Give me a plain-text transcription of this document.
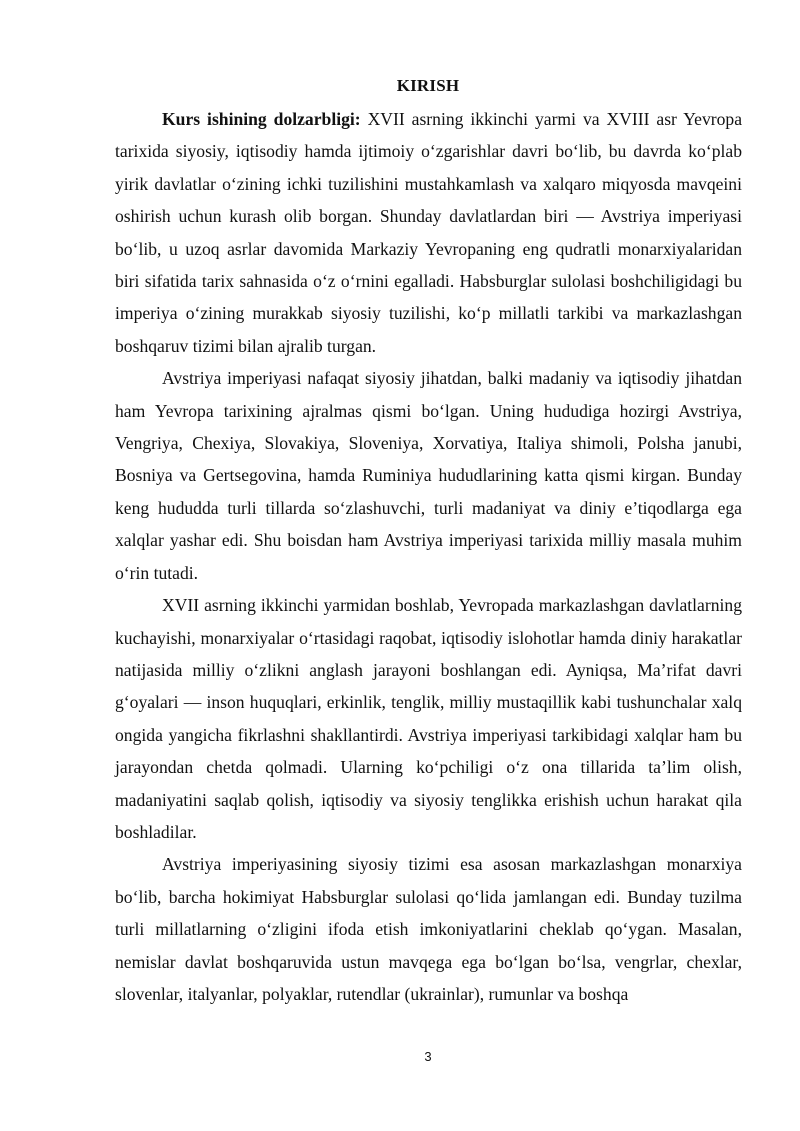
KIRISH

Kurs ishining dolzarbligi: XVII asrning ikkinchi yarmi va XVIII asr Yevropa tarixida siyosiy, iqtisodiy hamda ijtimoiy o‘zgarishlar davri bo‘lib, bu davrda ko‘plab yirik davlatlar o‘zining ichki tuzilishini mustahkamlash va xalqaro miqyosda mavqeini oshirish uchun kurash olib borgan. Shunday davlatlardan biri — Avstriya imperiyasi bo‘lib, u uzoq asrlar davomida Markaziy Yevropaning eng qudratli monarxiyalaridan biri sifatida tarix sahnasida o‘z o‘rnini egalladi. Habsburglar sulolasi boshchiligidagi bu imperiya o‘zining murakkab siyosiy tuzilishi, ko‘p millatli tarkibi va markazlashgan boshqaruv tizimi bilan ajralib turgan.

Avstriya imperiyasi nafaqat siyosiy jihatdan, balki madaniy va iqtisodiy jihatdan ham Yevropa tarixining ajralmas qismi bo‘lgan. Uning hududiga hozirgi Avstriya, Vengriya, Chexiya, Slovakiya, Sloveniya, Xorvatiya, Italiya shimoli, Polsha janubi, Bosniya va Gertsegovina, hamda Ruminiya hududlarining katta qismi kirgan. Bunday keng hududda turli tillarda so‘zlashuvchi, turli madaniyat va diniy e’tiqodlarga ega xalqlar yashar edi. Shu boisdan ham Avstriya imperiyasi tarixida milliy masala muhim o‘rin tutadi.

XVII asrning ikkinchi yarmidan boshlab, Yevropada markazlashgan davlatlarning kuchayishi, monarxiyalar o‘rtasidagi raqobat, iqtisodiy islohotlar hamda diniy harakatlar natijasida milliy o‘zlikni anglash jarayoni boshlangan edi. Ayniqsa, Ma’rifat davri g‘oyalari — inson huquqlari, erkinlik, tenglik, milliy mustaqillik kabi tushunchalar xalq ongida yangicha fikrlashni shakllantirdi. Avstriya imperiyasi tarkibidagi xalqlar ham bu jarayondan chetda qolmadi. Ularning ko‘pchiligi o‘z ona tillarida ta’lim olish, madaniyatini saqlab qolish, iqtisodiy va siyosiy tenglikka erishish uchun harakat qila boshladilar.

Avstriya imperiyasining siyosiy tizimi esa asosan markazlashgan monarxiya bo‘lib, barcha hokimiyat Habsburglar sulolasi qo‘lida jamlangan edi. Bunday tuzilma turli millatlarning o‘zligini ifoda etish imkoniyatlarini cheklab qo‘ygan. Masalan, nemislar davlat boshqaruvida ustun mavqega ega bo‘lgan bo‘lsa, vengrlar, chexlar, slovenlar, italyanlar, polyaklar, rutendlar (ukrainlar), rumunlar va boshqa

3
